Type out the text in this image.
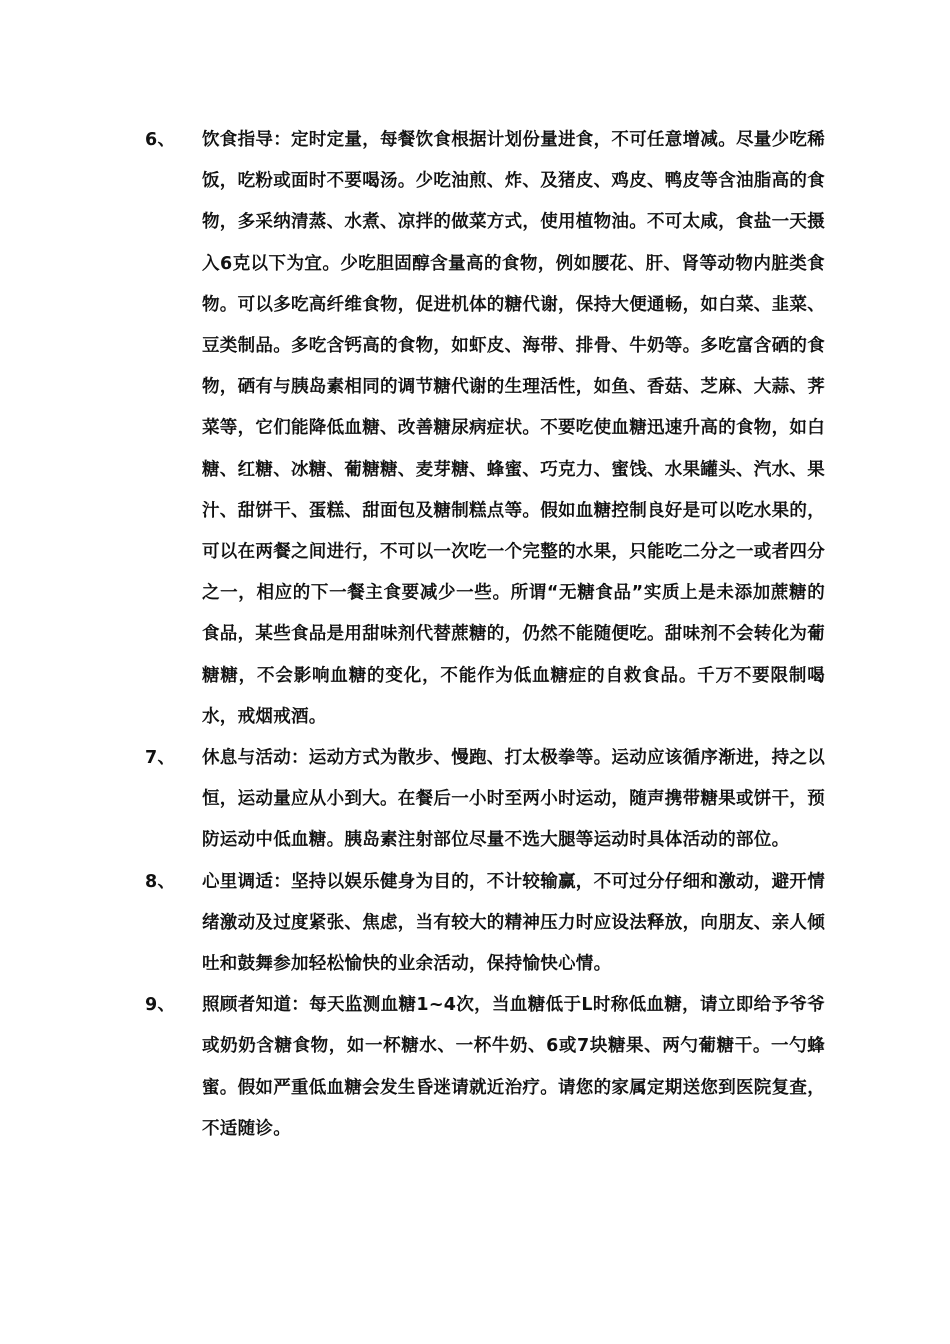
6、	饮食指导：定时定量，每餐饮食根据计划份量进食，不可任意增减。尽量少吃稀饭，吃粉或面时不要喝汤。少吃油煎、炸、及猪皮、鸡皮、鸭皮等含油脂高的食物，多采纳清蒸、水煮、凉拌的做菜方式，使用植物油。不可太咸，食盐一天摄入6克以下为宜。少吃胆固醇含量高的食物，例如腰花、肝、肾等动物内脏类食物。可以多吃高纤维食物，促进机体的糖代谢，保持大便通畅，如白菜、韭菜、豆类制品。多吃含钙高的食物，如虾皮、海带、排骨、牛奶等。多吃富含硒的食物，硒有与胰岛素相同的调节糖代谢的生理活性，如鱼、香菇、芝麻、大蒜、荠菜等，它们能降低血糖、改善糖尿病症状。不要吃使血糖迅速升高的食物，如白糖、红糖、冰糖、葡糖糖、麦芽糖、蜂蜜、巧克力、蜜饯、水果罐头、汽水、果汁、甜饼干、蛋糕、甜面包及糖制糕点等。假如血糖控制良好是可以吃水果的，可以在两餐之间进行，不可以一次吃一个完整的水果，只能吃二分之一或者四分之一，相应的下一餐主食要减少一些。所谓“无糖食品”实质上是未添加蔗糖的食品，某些食品是用甜味剂代替蔗糖的，仍然不能随便吃。甜味剂不会转化为葡糖糖，不会影响血糖的变化，不能作为低血糖症的自救食品。千万不要限制喝水，戒烟戒酒。
7、	休息与活动：运动方式为散步、慢跑、打太极拳等。运动应该循序渐进，持之以恒，运动量应从小到大。在餐后一小时至两小时运动，随声携带糖果或饼干，预防运动中低血糖。胰岛素注射部位尽量不选大腿等运动时具体活动的部位。
8、	心里调适：坚持以娱乐健身为目的，不计较输赢，不可过分仔细和激动，避开情绪激动及过度紧张、焦虑，当有较大的精神压力时应设法释放，向朋友、亲人倾吐和鼓舞参加轻松愉快的业余活动，保持愉快心情。
9、	照顾者知道：每天监测血糖1~4次，当血糖低于L时称低血糖，请立即给予爷爷或奶奶含糖食物，如一杯糖水、一杯牛奶、6或7块糖果、两勺葡糖干。一勺蜂蜜。假如严重低血糖会发生昏迷请就近治疗。请您的家属定期送您到医院复查，不适随诊。
